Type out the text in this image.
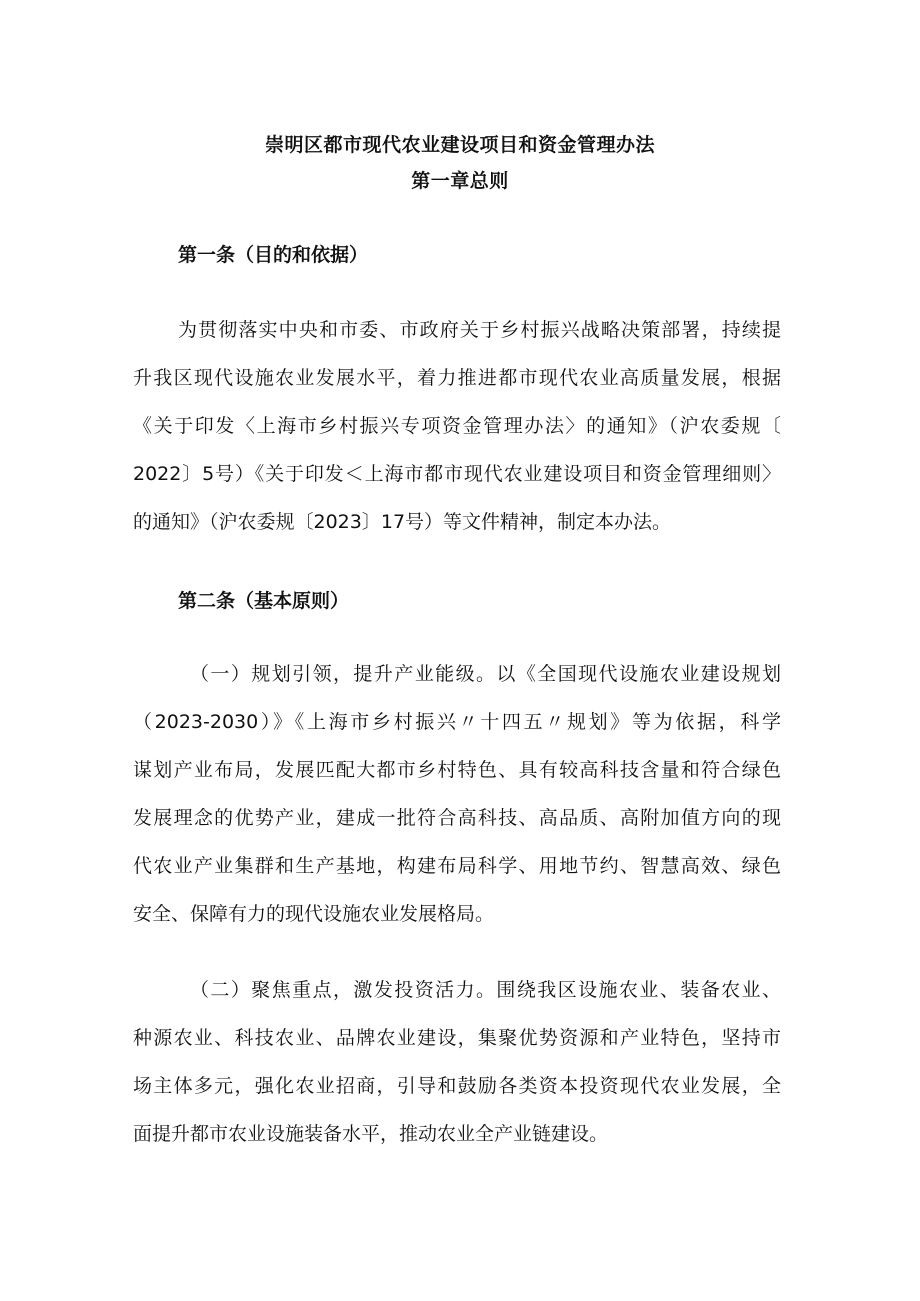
崇明区都市现代农业建设项目和资金管理办法
第一章总则
第一条（目的和依据）

为贯彻落实中央和市委、市政府关于乡村振兴战略决策部署，持续提

升我区现代设施农业发展水平，着力推进都市现代农业高质量发展，根据

《关于印发〈上海市乡村振兴专项资金管理办法〉的通知》（沪农委规〔

2022〕5号）《关于印发＜上海市都市现代农业建设项目和资金管理细则〉

的通知》（沪农委规〔2023〕17号）等文件精神，制定本办法。

第二条（基本原则）

（一）规划引领，提升产业能级。以《全国现代设施农业建设规划

（2023-2030）》《上海市乡村振兴〃十四五〃规划》等为依据，科学

谋划产业布局，发展匹配大都市乡村特色、具有较高科技含量和符合绿色

发展理念的优势产业，建成一批符合高科技、高品质、高附加值方向的现

代农业产业集群和生产基地，构建布局科学、用地节约、智慧高效、绿色

安全、保障有力的现代设施农业发展格局。

（二）聚焦重点，激发投资活力。围绕我区设施农业、装备农业、

种源农业、科技农业、品牌农业建设，集聚优势资源和产业特色，坚持市

场主体多元，强化农业招商，引导和鼓励各类资本投资现代农业发展，全

面提升都市农业设施装备水平，推动农业全产业链建设。
